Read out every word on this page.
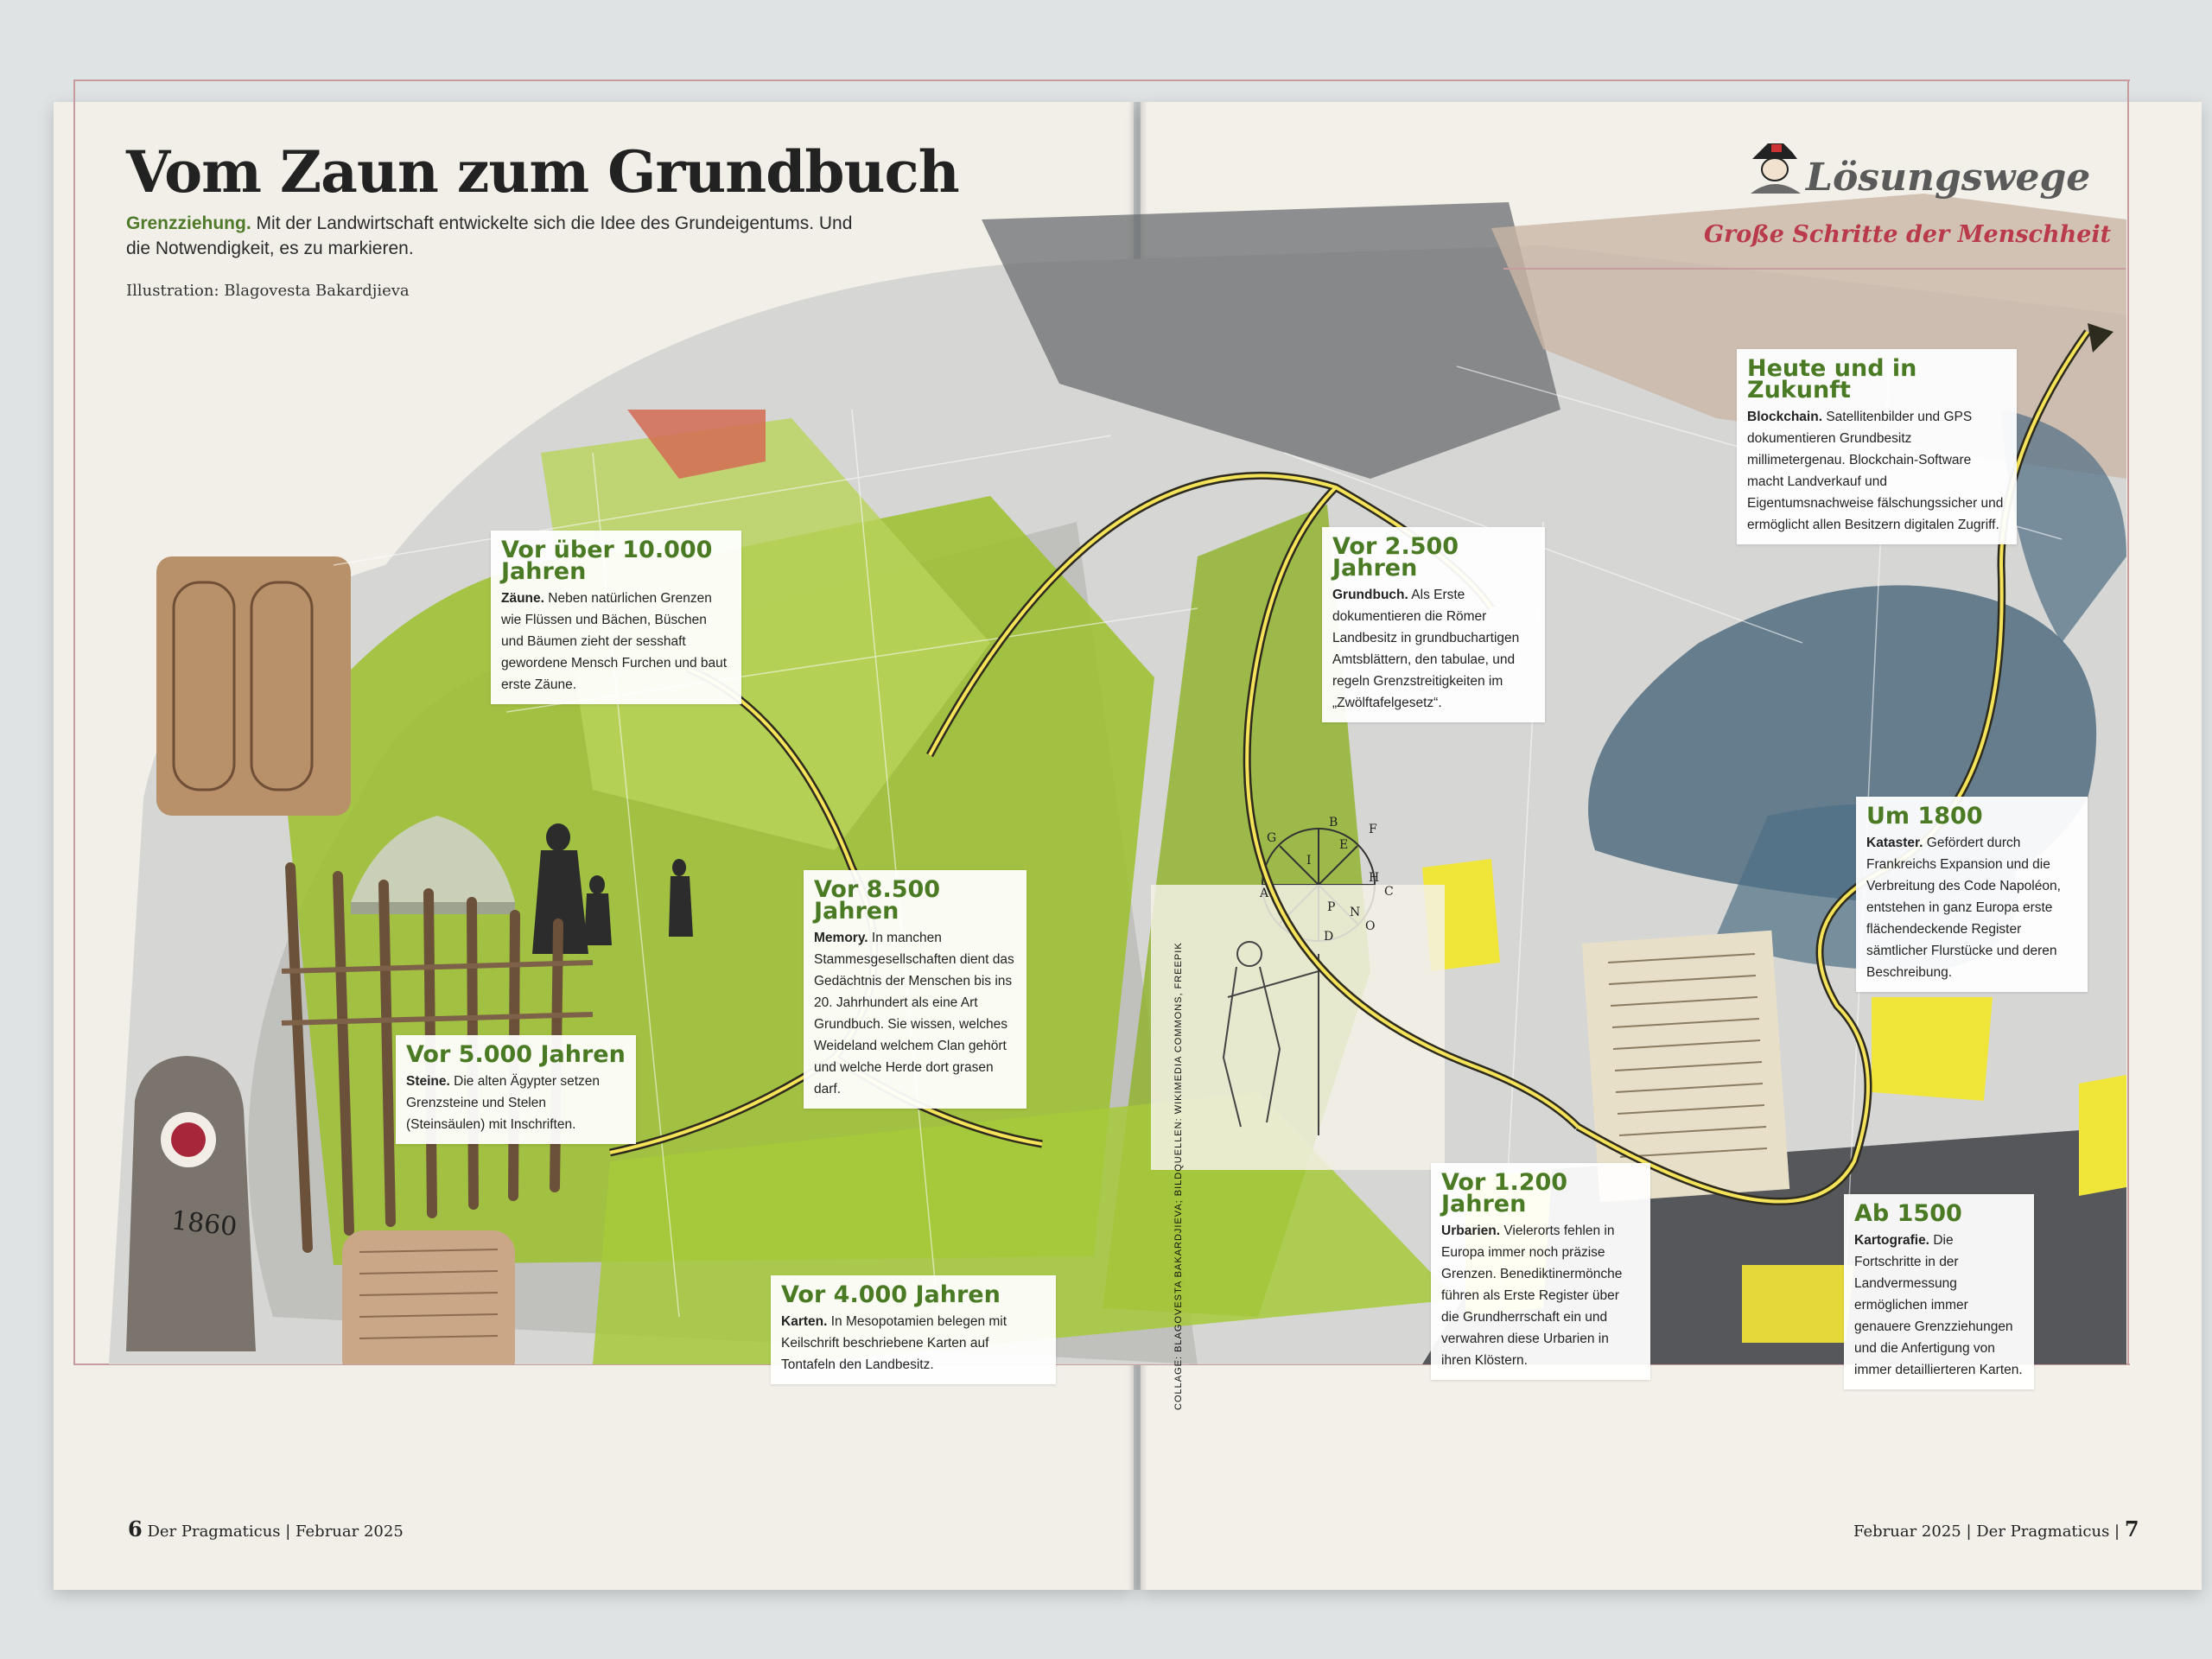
1860
B	F
G	E
I
A	C
H
P N
D
O
Vom Zaun zum Grundbuch
Grenzziehung. Mit der Landwirtschaft entwickelte sich die Idee des Grundeigentums. Und die Notwendigkeit, es zu markieren.
Illustration: Blagovesta Bakardjieva
Lösungswege
Große Schritte der Menschheit
Vor über 10.000 Jahren

Zäune. Neben natürlichen Grenzen wie Flüssen und Bächen, Büschen und Bäumen zieht der sesshaft gewordene Mensch Furchen und baut erste Zäune.

Vor 8.500 Jahren

Memory. In manchen Stammesgesellschaften dient das Gedächtnis der Menschen bis ins 20. Jahrhundert als eine Art Grundbuch. Sie wissen, welches Weideland welchem Clan gehört und welche Herde dort grasen darf.

Vor 5.000 Jahren

Steine. Die alten Ägypter setzen Grenzsteine und Stelen (Steinsäulen) mit Inschriften.

Vor 4.000 Jahren

Karten. In Mesopotamien belegen mit Keilschrift beschriebene Karten auf Tontafeln den Landbesitz.

Vor 2.500 Jahren

Grundbuch. Als Erste dokumentieren die Römer Landbesitz in grundbuchartigen Amtsblättern, den tabulae, und regeln Grenzstreitigkeiten im „Zwölftafelgesetz“.

Vor 1.200 Jahren

Urbarien. Vielerorts fehlen in Europa immer noch präzise Grenzen. Benediktinermönche führen als Erste Register über die Grundherrschaft ein und verwahren diese Urbarien in ihren Klöstern.

Ab 1500

Kartografie. Die Fortschritte in der Landvermessung ermöglichen immer genauere Grenzziehungen und die Anfertigung von immer detaillierteren Karten.

Um 1800

Kataster. Gefördert durch Frankreichs Expansion und die Verbreitung des Code Napoléon, entstehen in ganz Europa erste flächendeckende Register sämtlicher Flurstücke und deren Beschreibung.

Heute und in Zukunft

Blockchain. Satellitenbilder und GPS dokumentieren Grundbesitz millimetergenau. Blockchain-Software macht Landverkauf und Eigentumsnachweise fälschungssicher und ermöglicht allen Besitzern digitalen Zugriff.

COLLAGE: BLAGOVESTA BAKARDJIEVA; BILDQUELLEN: WIKIMEDIA COMMONS, FREEPIK
6 Der Pragmaticus | Februar 2025	Februar 2025 | Der Pragmaticus | 7
